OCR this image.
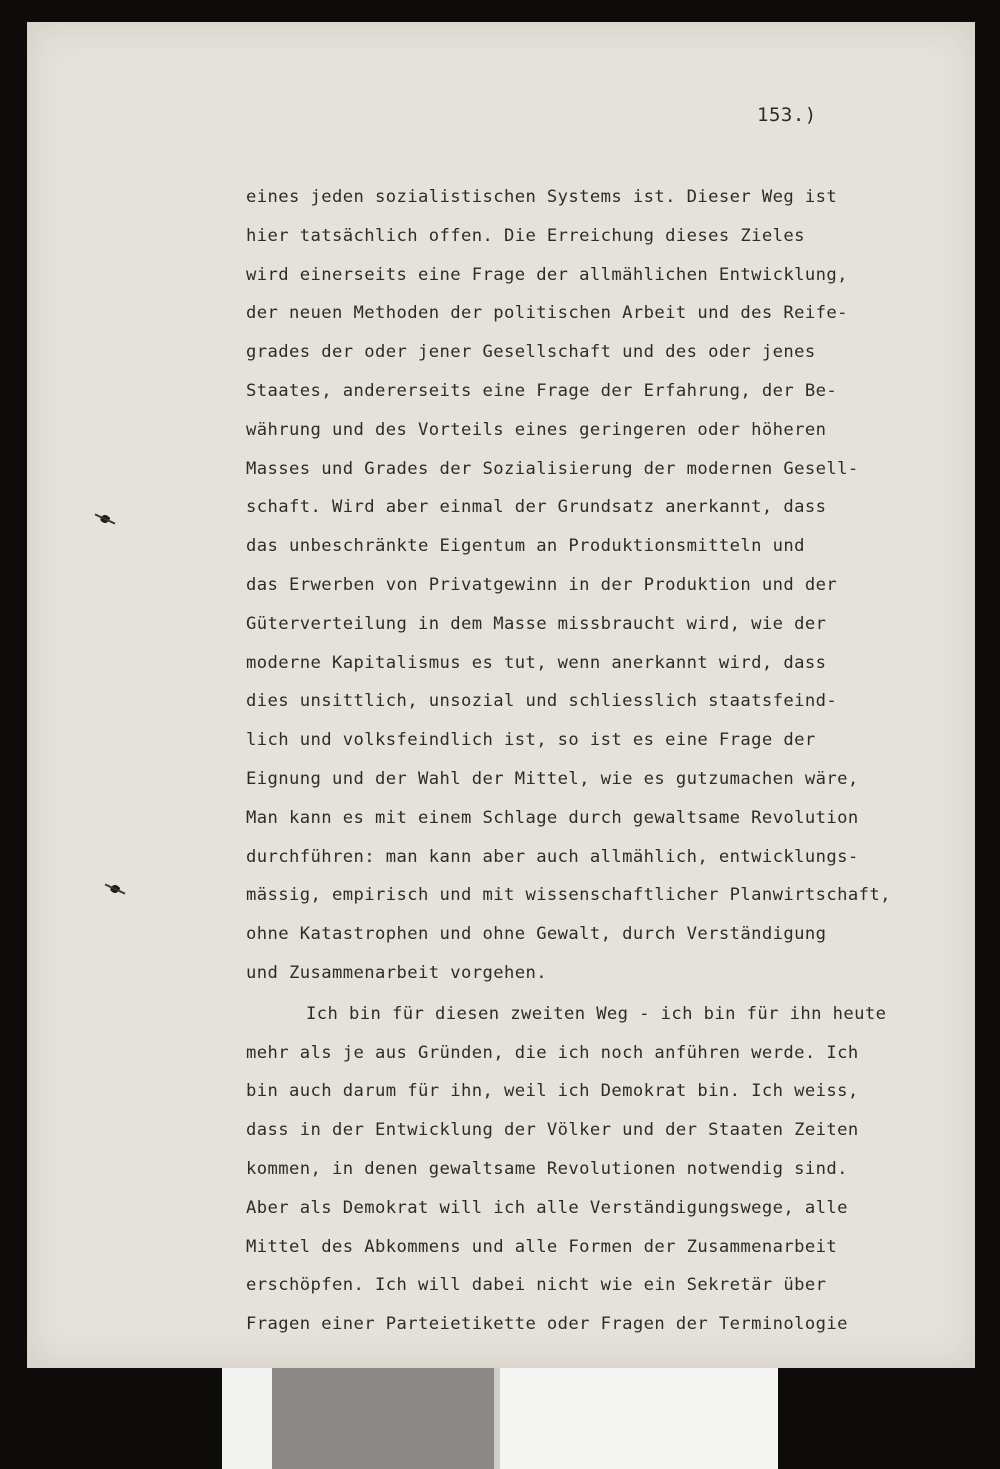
153.)
eines jeden sozialistischen Systems ist. Dieser Weg ist
hier tatsächlich offen. Die Erreichung dieses Zieles
wird einerseits eine Frage der allmählichen Entwicklung,
der neuen Methoden der politischen Arbeit und des Reife-
grades der oder jener Gesellschaft und des oder jenes
Staates, andererseits eine Frage der Erfahrung, der Be-
währung und des Vorteils eines geringeren oder höheren
Masses und Grades der Sozialisierung der modernen Gesell-
schaft. Wird aber einmal der Grundsatz anerkannt, dass
das unbeschränkte Eigentum an Produktionsmitteln und
das Erwerben von Privatgewinn in der Produktion und der
Güterverteilung in dem Masse missbraucht wird, wie der
moderne Kapitalismus es tut, wenn anerkannt wird, dass
dies unsittlich, unsozial und schliesslich staatsfeind-
lich und volksfeindlich ist, so ist es eine Frage der
Eignung und der Wahl der Mittel, wie es gutzumachen wäre,
Man kann es mit einem Schlage durch gewaltsame Revolution
durchführen: man kann aber auch allmählich, entwicklungs-
mässig, empirisch und mit wissenschaftlicher Planwirtschaft,
ohne Katastrophen und ohne Gewalt, durch Verständigung
und Zusammenarbeit vorgehen.
Ich bin für diesen zweiten Weg - ich bin für ihn heute
mehr als je aus Gründen, die ich noch anführen werde. Ich
bin auch darum für ihn, weil ich Demokrat bin. Ich weiss,
dass in der Entwicklung der Völker und der Staaten Zeiten
kommen, in denen gewaltsame Revolutionen notwendig sind.
Aber als Demokrat will ich alle Verständigungswege, alle
Mittel des Abkommens und alle Formen der Zusammenarbeit
erschöpfen. Ich will dabei nicht wie ein Sekretär über
Fragen einer Parteietikette oder Fragen der Terminologie
